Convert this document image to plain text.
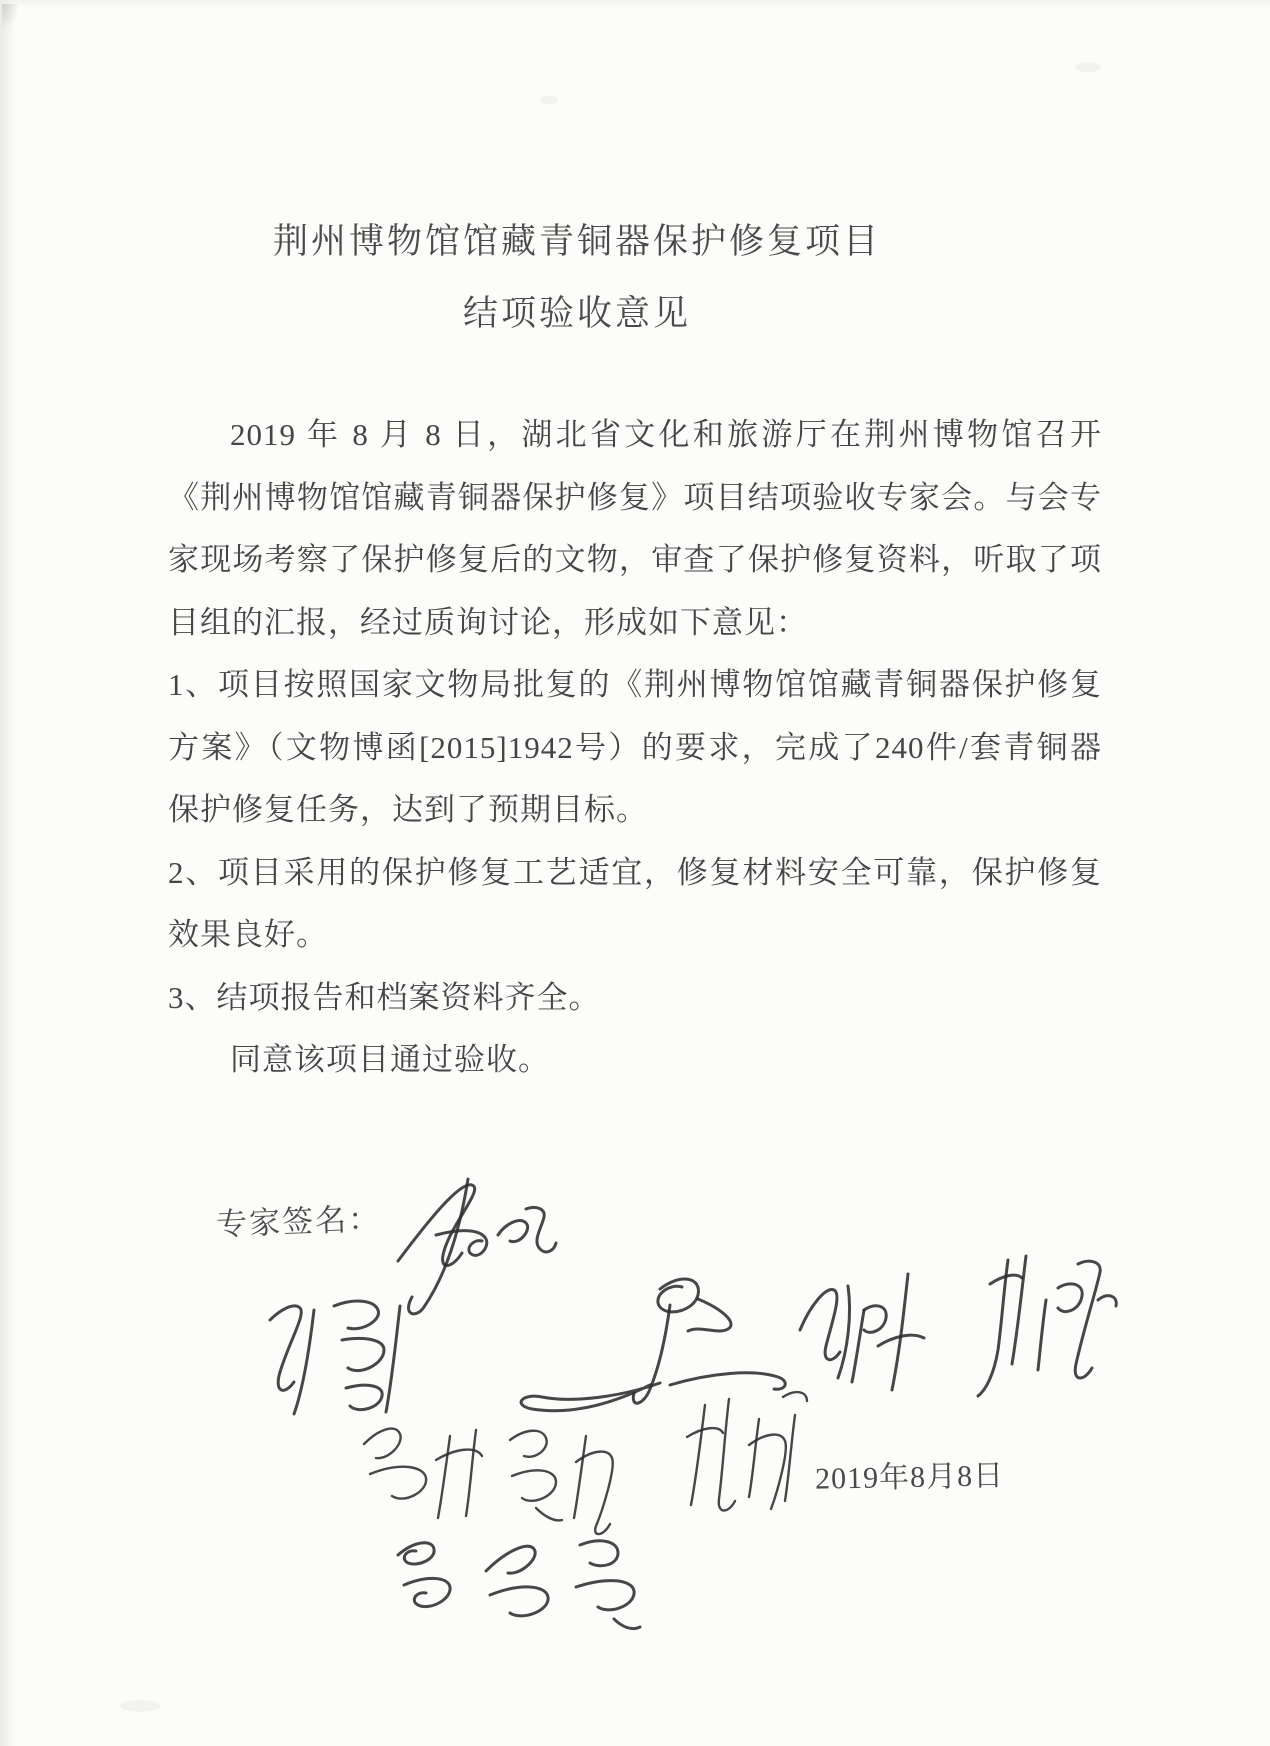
荆州博物馆馆藏青铜器保护修复项目
结项验收意见

2019 年 8 月 8 日，湖北省文化和旅游厅在荆州博物馆召开《荆州博物馆馆藏青铜器保护修复》项目结项验收专家会。与会专家现场考察了保护修复后的文物，审查了保护修复资料，听取了项目组的汇报，经过质询讨论，形成如下意见：

1、项目按照国家文物局批复的《荆州博物馆馆藏青铜器保护修复方案》（文物博函[2015]1942号）的要求，完成了240件/套青铜器保护修复任务，达到了预期目标。

2、项目采用的保护修复工艺适宜，修复材料安全可靠，保护修复效果良好。

3、结项报告和档案资料齐全。

同意该项目通过验收。

专家签名：
2019年8月8日
